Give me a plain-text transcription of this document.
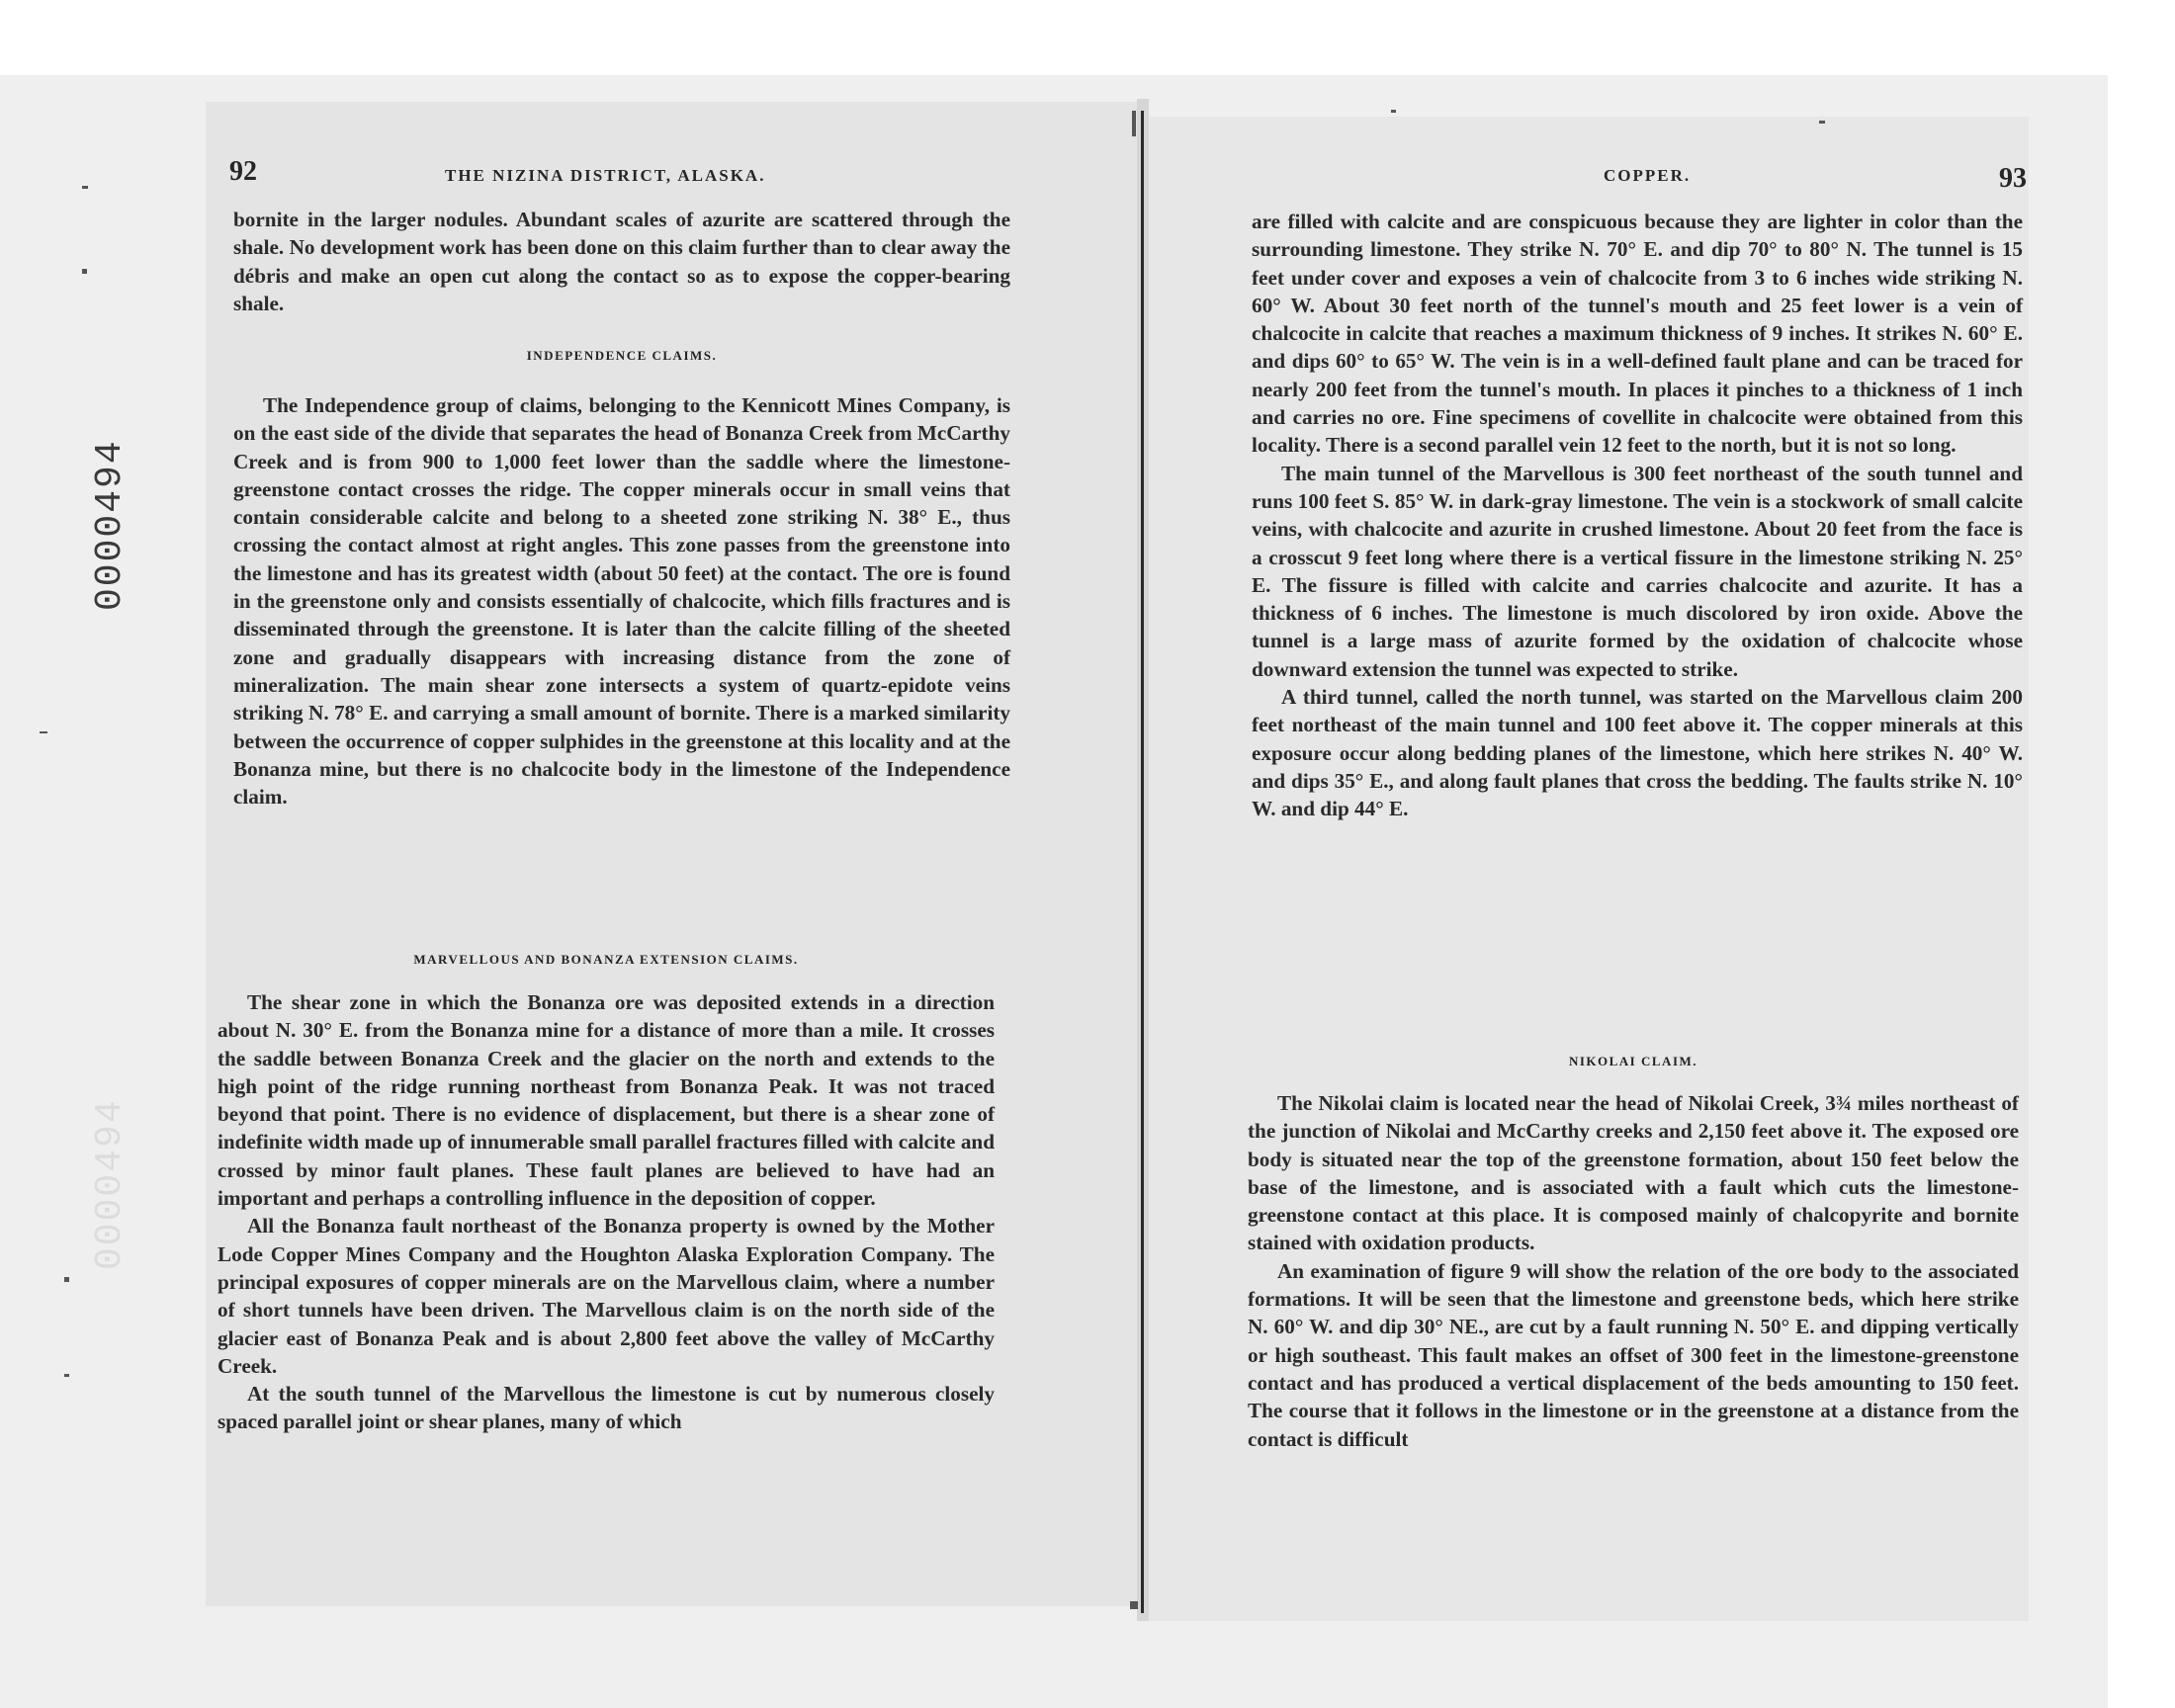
0000494
0000494
92	THE NIZINA DISTRICT, ALASKA.

bornite in the larger nodules. Abundant scales of azurite are scattered through the shale. No development work has been done on this claim further than to clear away the débris and make an open cut along the contact so as to expose the copper-bearing shale.

INDEPENDENCE CLAIMS.

The Independence group of claims, belonging to the Kennicott Mines Company, is on the east side of the divide that separates the head of Bonanza Creek from McCarthy Creek and is from 900 to 1,000 feet lower than the saddle where the limestone-greenstone contact crosses the ridge. The copper minerals occur in small veins that contain considerable calcite and belong to a sheeted zone striking N. 38° E., thus crossing the contact almost at right angles. This zone passes from the greenstone into the limestone and has its greatest width (about 50 feet) at the contact. The ore is found in the greenstone only and consists essentially of chalcocite, which fills fractures and is disseminated through the greenstone. It is later than the calcite filling of the sheeted zone and gradually disappears with increasing distance from the zone of mineralization. The main shear zone intersects a system of quartz-epidote veins striking N. 78° E. and carrying a small amount of bornite. There is a marked similarity between the occurrence of copper sulphides in the greenstone at this locality and at the Bonanza mine, but there is no chalcocite body in the limestone of the Independence claim.

MARVELLOUS AND BONANZA EXTENSION CLAIMS.

The shear zone in which the Bonanza ore was deposited extends in a direction about N. 30° E. from the Bonanza mine for a distance of more than a mile. It crosses the saddle between Bonanza Creek and the glacier on the north and extends to the high point of the ridge running northeast from Bonanza Peak. It was not traced beyond that point. There is no evidence of displacement, but there is a shear zone of indefinite width made up of innumerable small parallel fractures filled with calcite and crossed by minor fault planes. These fault planes are believed to have had an important and perhaps a controlling influence in the deposition of copper.

All the Bonanza fault northeast of the Bonanza property is owned by the Mother Lode Copper Mines Company and the Houghton Alaska Exploration Company. The principal exposures of copper minerals are on the Marvellous claim, where a number of short tunnels have been driven. The Marvellous claim is on the north side of the glacier east of Bonanza Peak and is about 2,800 feet above the valley of McCarthy Creek.

At the south tunnel of the Marvellous the limestone is cut by numerous closely spaced parallel joint or shear planes, many of which

COPPER.	93

are filled with calcite and are conspicuous because they are lighter in color than the surrounding limestone. They strike N. 70° E. and dip 70° to 80° N. The tunnel is 15 feet under cover and exposes a vein of chalcocite from 3 to 6 inches wide striking N. 60° W. About 30 feet north of the tunnel's mouth and 25 feet lower is a vein of chalcocite in calcite that reaches a maximum thickness of 9 inches. It strikes N. 60° E. and dips 60° to 65° W. The vein is in a well-defined fault plane and can be traced for nearly 200 feet from the tunnel's mouth. In places it pinches to a thickness of 1 inch and carries no ore. Fine specimens of covellite in chalcocite were obtained from this locality. There is a second parallel vein 12 feet to the north, but it is not so long.

The main tunnel of the Marvellous is 300 feet northeast of the south tunnel and runs 100 feet S. 85° W. in dark-gray limestone. The vein is a stockwork of small calcite veins, with chalcocite and azurite in crushed limestone. About 20 feet from the face is a crosscut 9 feet long where there is a vertical fissure in the limestone striking N. 25° E. The fissure is filled with calcite and carries chalcocite and azurite. It has a thickness of 6 inches. The limestone is much discolored by iron oxide. Above the tunnel is a large mass of azurite formed by the oxidation of chalcocite whose downward extension the tunnel was expected to strike.

A third tunnel, called the north tunnel, was started on the Marvellous claim 200 feet northeast of the main tunnel and 100 feet above it. The copper minerals at this exposure occur along bedding planes of the limestone, which here strikes N. 40° W. and dips 35° E., and along fault planes that cross the bedding. The faults strike N. 10° W. and dip 44° E.

NIKOLAI CLAIM.

The Nikolai claim is located near the head of Nikolai Creek, 3¾ miles northeast of the junction of Nikolai and McCarthy creeks and 2,150 feet above it. The exposed ore body is situated near the top of the greenstone formation, about 150 feet below the base of the limestone, and is associated with a fault which cuts the limestone-greenstone contact at this place. It is composed mainly of chalcopyrite and bornite stained with oxidation products.

An examination of figure 9 will show the relation of the ore body to the associated formations. It will be seen that the limestone and greenstone beds, which here strike N. 60° W. and dip 30° NE., are cut by a fault running N. 50° E. and dipping vertically or high southeast. This fault makes an offset of 300 feet in the limestone-greenstone contact and has produced a vertical displacement of the beds amounting to 150 feet. The course that it follows in the limestone or in the greenstone at a distance from the contact is difficult
